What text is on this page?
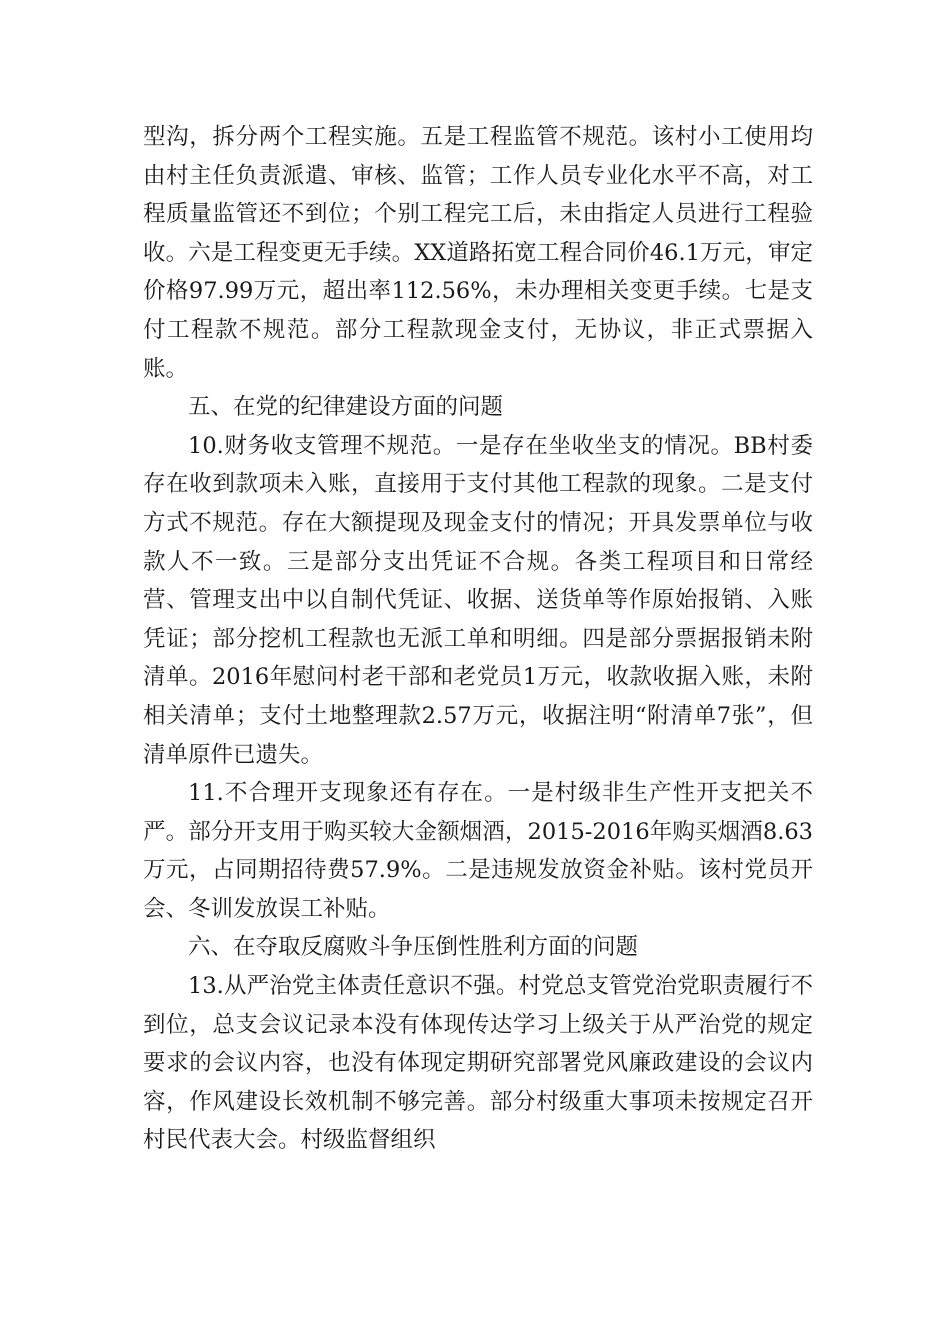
型沟，拆分两个工程实施。五是工程监管不规范。该村小工使用均由村主任负责派遣、审核、监管；工作人员专业化水平不高，对工程质量监管还不到位；个别工程完工后，未由指定人员进行工程验收。六是工程变更无手续。XX道路拓宽工程合同价46.1万元，审定价格97.99万元，超出率112.56%，未办理相关变更手续。七是支付工程款不规范。部分工程款现金支付，无协议，非正式票据入账。

五、在党的纪律建设方面的问题

10.财务收支管理不规范。一是存在坐收坐支的情况。BB村委存在收到款项未入账，直接用于支付其他工程款的现象。二是支付方式不规范。存在大额提现及现金支付的情况；开具发票单位与收款人不一致。三是部分支出凭证不合规。各类工程项目和日常经营、管理支出中以自制代凭证、收据、送货单等作原始报销、入账凭证；部分挖机工程款也无派工单和明细。四是部分票据报销未附清单。2016年慰问村老干部和老党员1万元，收款收据入账，未附相关清单；支付土地整理款2.57万元，收据注明“附清单7张”，但清单原件已遗失。

11.不合理开支现象还有存在。一是村级非生产性开支把关不严。部分开支用于购买较大金额烟酒，2015-2016年购买烟酒8.63万元，占同期招待费57.9%。二是违规发放资金补贴。该村党员开会、冬训发放误工补贴。

六、在夺取反腐败斗争压倒性胜利方面的问题

13.从严治党主体责任意识不强。村党总支管党治党职责履行不到位，总支会议记录本没有体现传达学习上级关于从严治党的规定要求的会议内容，也没有体现定期研究部署党风廉政建设的会议内容，作风建设长效机制不够完善。部分村级重大事项未按规定召开村民代表大会。村级监督组织
